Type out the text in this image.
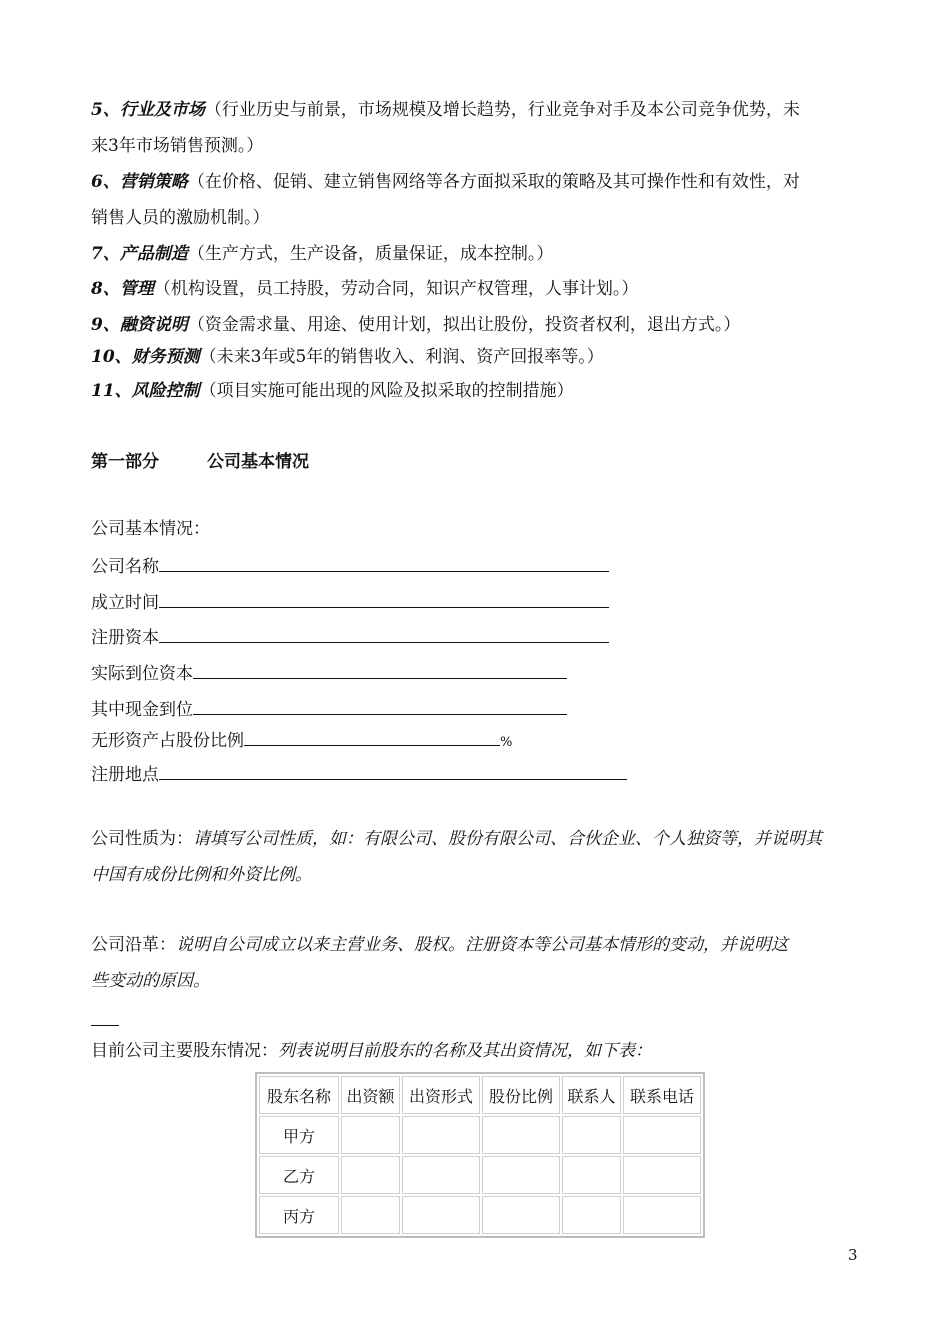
5、行业及市场（行业历史与前景，市场规模及增长趋势，行业竞争对手及本公司竞争优势，未
来3年市场销售预测。）
6、营销策略（在价格、促销、建立销售网络等各方面拟采取的策略及其可操作性和有效性，对
销售人员的激励机制。）
7、产品制造（生产方式，生产设备，质量保证，成本控制。）
8、管理（机构设置，员工持股，劳动合同，知识产权管理，人事计划。）
9、融资说明（资金需求量、用途、使用计划，拟出让股份，投资者权利，退出方式。）
10、财务预测（未来3年或5年的销售收入、利润、资产回报率等。）
11、风险控制（项目实施可能出现的风险及拟采取的控制措施）
第一部分	公司基本情况
公司基本情况：
公司名称
成立时间
注册资本
实际到位资本
其中现金到位
无形资产占股份比例	%
注册地点
公司性质为：请填写公司性质，如：有限公司、股份有限公司、合伙企业、个人独资等，并说明其
中国有成份比例和外资比例。
公司沿革：说明自公司成立以来主营业务、股权。注册资本等公司基本情形的变动，并说明这
些变动的原因。
目前公司主要股东情况：列表说明目前股东的名称及其出资情况，如下表：
股东名称	出资额	出资形式	股份比例	联系人	联系电话
甲方					
乙方					
丙方					
3
